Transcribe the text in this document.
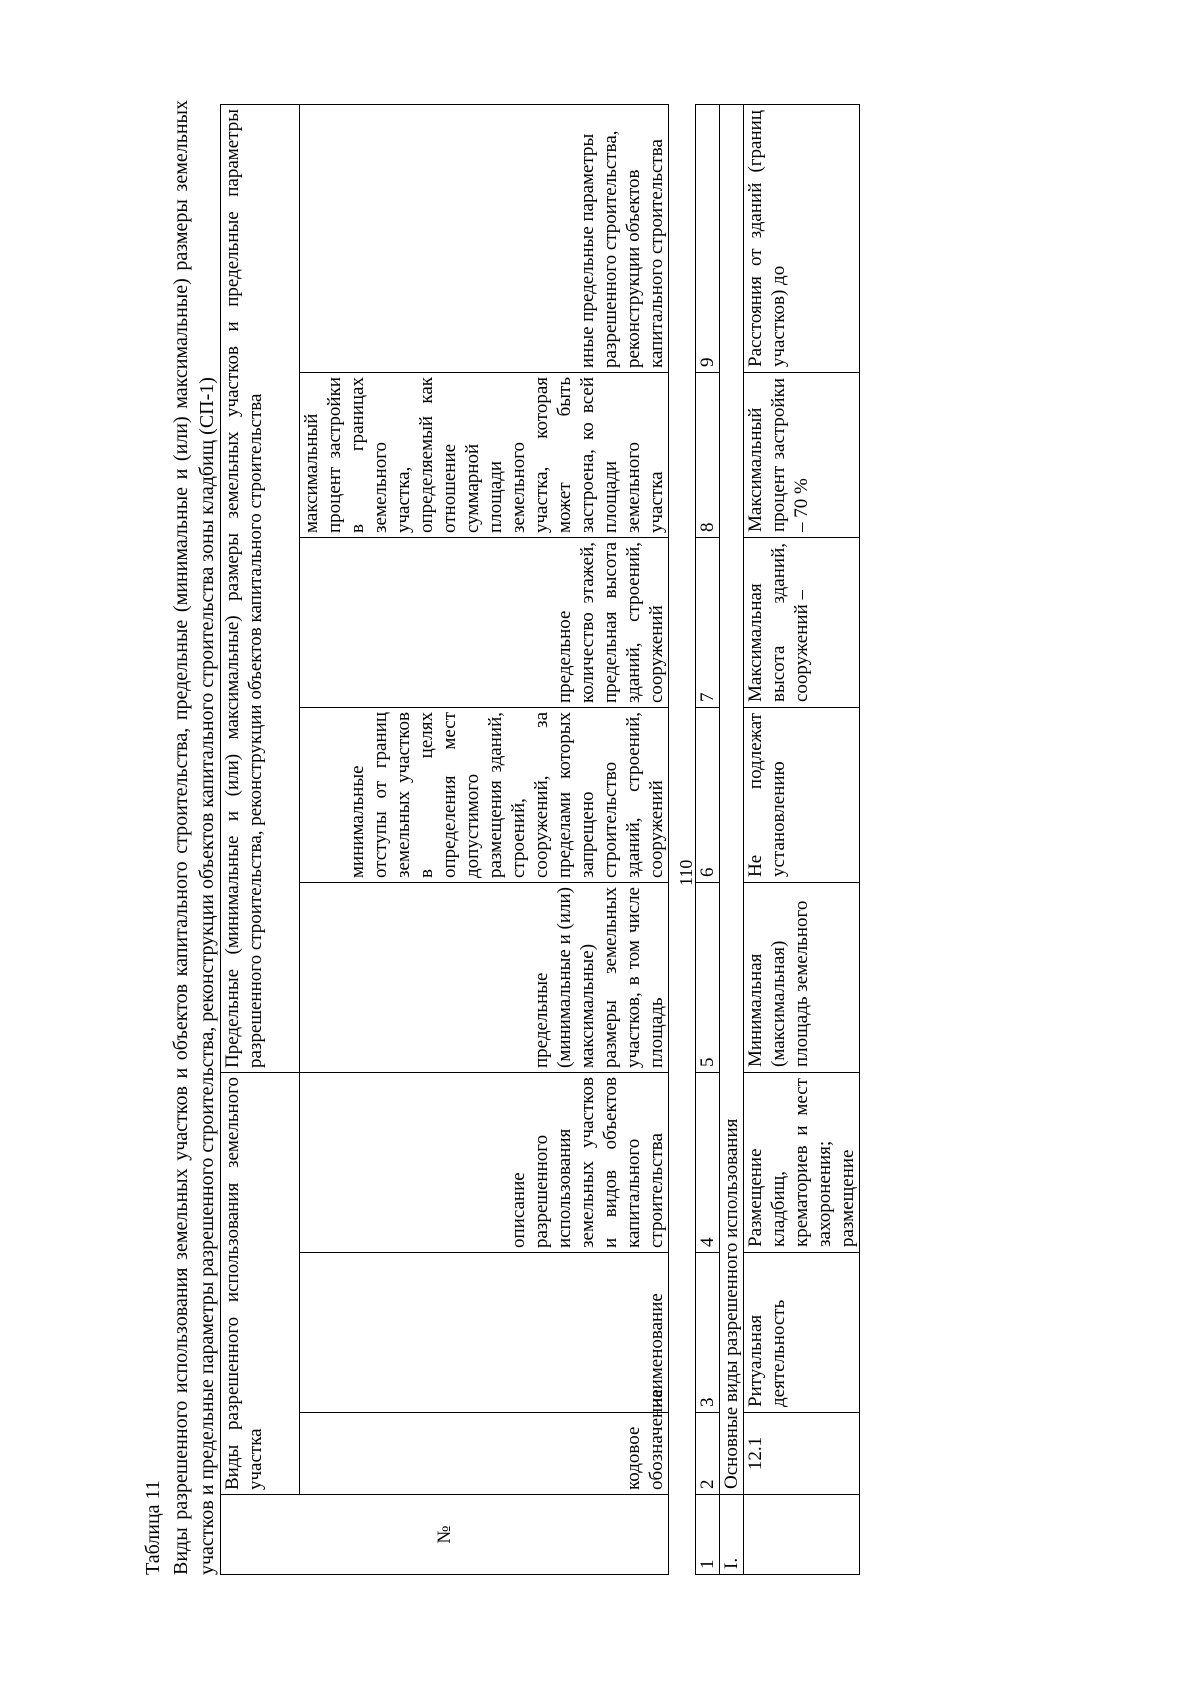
110
Таблица 11 Виды разрешенного использования земельных участков и объектов капитального строительства, предельные (минимальные и (или) максимальные) размеры земельных участков и предельные параметры разрешенного строительства, реконструкции объектов капитального строительства зоны кладбищ (СП-1)	№	Виды разрешенного использования земельного участка			Предельные (минимальные и (или) максимальные) размеры земельных участков и предельные параметры разрешенного строительства, реконструкции объектов капитального строительства				
	кодовое обозначение	наименование	описание разрешенного использования земельных участков и видов объектов капитального строительства	предельные (минимальные и (или) максимальные) размеры земельных участков, в том числе площадь	минимальные отступы от границ земельных участков в целях определения мест допустимого размещения зданий, строений, сооружений, за пределами которых запрещено строительство зданий, строений, сооружений	предельное количество этажей, предельная высота зданий, строений, сооружений	максимальный процент застройки в границах земельного участка, определяемый как отношение суммарной площади земельного участка, которая может быть застроена, ко всей площади земельного участка	иные предельные параметры разрешенного строительства, реконструкции объектов капитального строительства
1	2	3	4	5	6	7	8	9
I.	Основные виды разрешенного использования							
	12.1	Ритуальная деятельность	Размещение кладбищ, крематориев и мест захоронения; размещение	Минимальная (максимальная) площадь земельного	Не подлежат установлению	Максимальная высота зданий, сооружений –	Максимальный процент застройки – 70 %	Расстояния от зданий (границ участков) до
